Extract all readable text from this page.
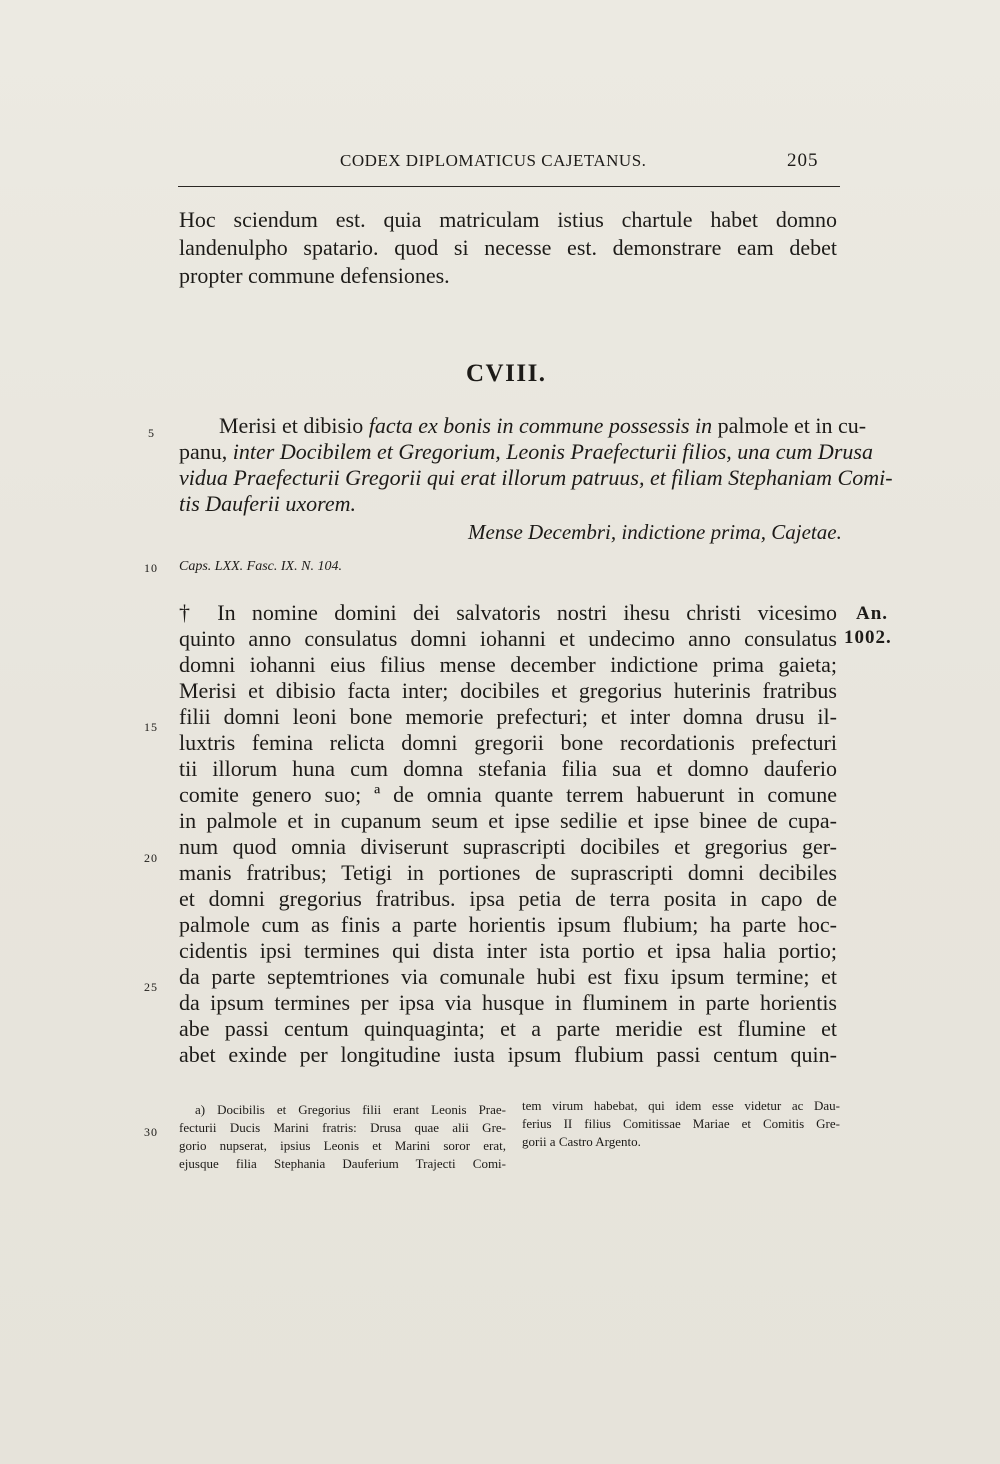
CODEX DIPLOMATICUS CAJETANUS.	205
Hoc sciendum est. quia matriculam istius chartule habet domno
landenulpho spatario. quod si necesse est. demonstrare eam debet
propter commune defensiones.
CVIII.
Merisi et dibisio facta ex bonis in commune possessis in palmole et in cu-
panu, inter Docibilem et Gregorium, Leonis Praefecturii filios, una cum Drusa
vidua Praefecturii Gregorii qui erat illorum patruus, et filiam Stephaniam Comi-
tis Dauferii uxorem.
Mense Decembri, indictione prima, Cajetae.
Caps. LXX. Fasc. IX. N. 104.
5
10
15
20
25
30
An.
1002.
† In nomine domini dei salvatoris nostri ihesu christi vicesimo
quinto anno consulatus domni iohanni et undecimo anno consulatus
domni iohanni eius filius mense december indictione prima gaieta;
Merisi et dibisio facta inter; docibiles et gregorius huterinis fratribus
filii domni leoni bone memorie prefecturi; et inter domna drusu il-
luxtris femina relicta domni gregorii bone recordationis prefecturi
tii illorum huna cum domna stefania filia sua et domno dauferio
comite genero suo; ª de omnia quante terrem habuerunt in comune
in palmole et in cupanum seum et ipse sedilie et ipse binee de cupa-
num quod omnia diviserunt suprascripti docibiles et gregorius ger-
manis fratribus; Tetigi in portiones de suprascripti domni decibiles
et domni gregorius fratribus. ipsa petia de terra posita in capo de
palmole cum as finis a parte horientis ipsum flubium; ha parte hoc-
cidentis ipsi termines qui dista inter ista portio et ipsa halia portio;
da parte septemtriones via comunale hubi est fixu ipsum termine; et
da ipsum termines per ipsa via husque in fluminem in parte horientis
abe passi centum quinquaginta; et a parte meridie est flumine et
abet exinde per longitudine iusta ipsum flubium passi centum quin-
a) Docibilis et Gregorius filii erant Leonis Prae-
fecturii Ducis Marini fratris: Drusa quae alii Gre-
gorio nupserat, ipsius Leonis et Marini soror erat,
ejusque filia Stephania Dauferium Trajecti Comi-
tem virum habebat, qui idem esse videtur ac Dau-
ferius II filius Comitissae Mariae et Comitis Gre-
gorii a Castro Argento.
